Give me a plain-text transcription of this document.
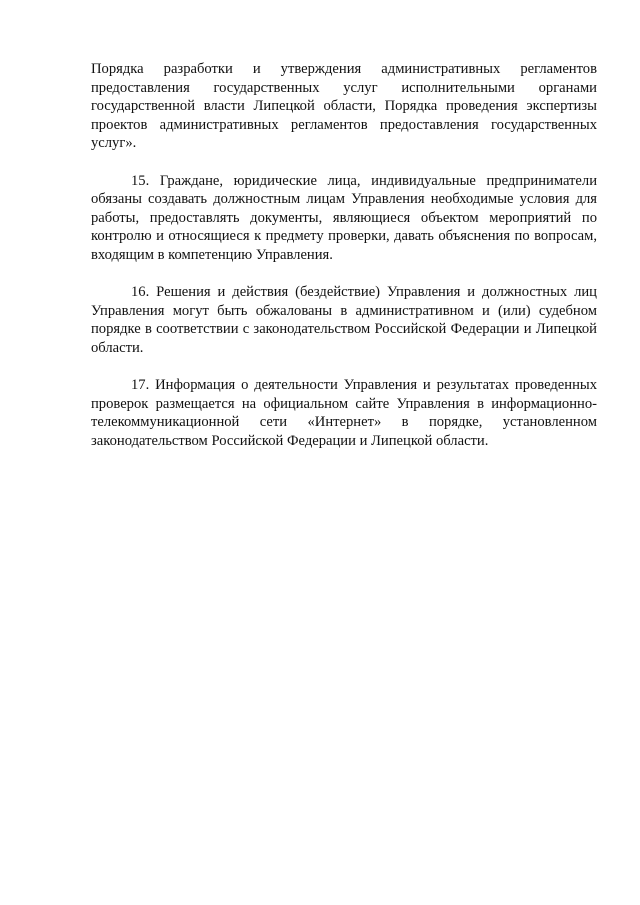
Порядка разработки и утверждения административных регламентов предоставления государственных услуг исполнительными органами государственной власти Липецкой области, Порядка проведения экспертизы проектов административных регламентов предоставления государственных услуг».

15. Граждане, юридические лица, индивидуальные предприниматели обязаны создавать должностным лицам Управления необходимые условия для работы, предоставлять документы, являющиеся объектом мероприятий по контролю и относящиеся к предмету проверки, давать объяснения по вопросам, входящим в компетенцию Управления.

16. Решения и действия (бездействие) Управления и должностных лиц Управления могут быть обжалованы в административном и (или) судебном порядке в соответствии с законодательством Российской Федерации и Липецкой области.

17. Информация о деятельности Управления и результатах проведенных проверок размещается на официальном сайте Управления в информационно-телекоммуникационной сети «Интернет» в порядке, установленном законодательством Российской Федерации и Липецкой области.
